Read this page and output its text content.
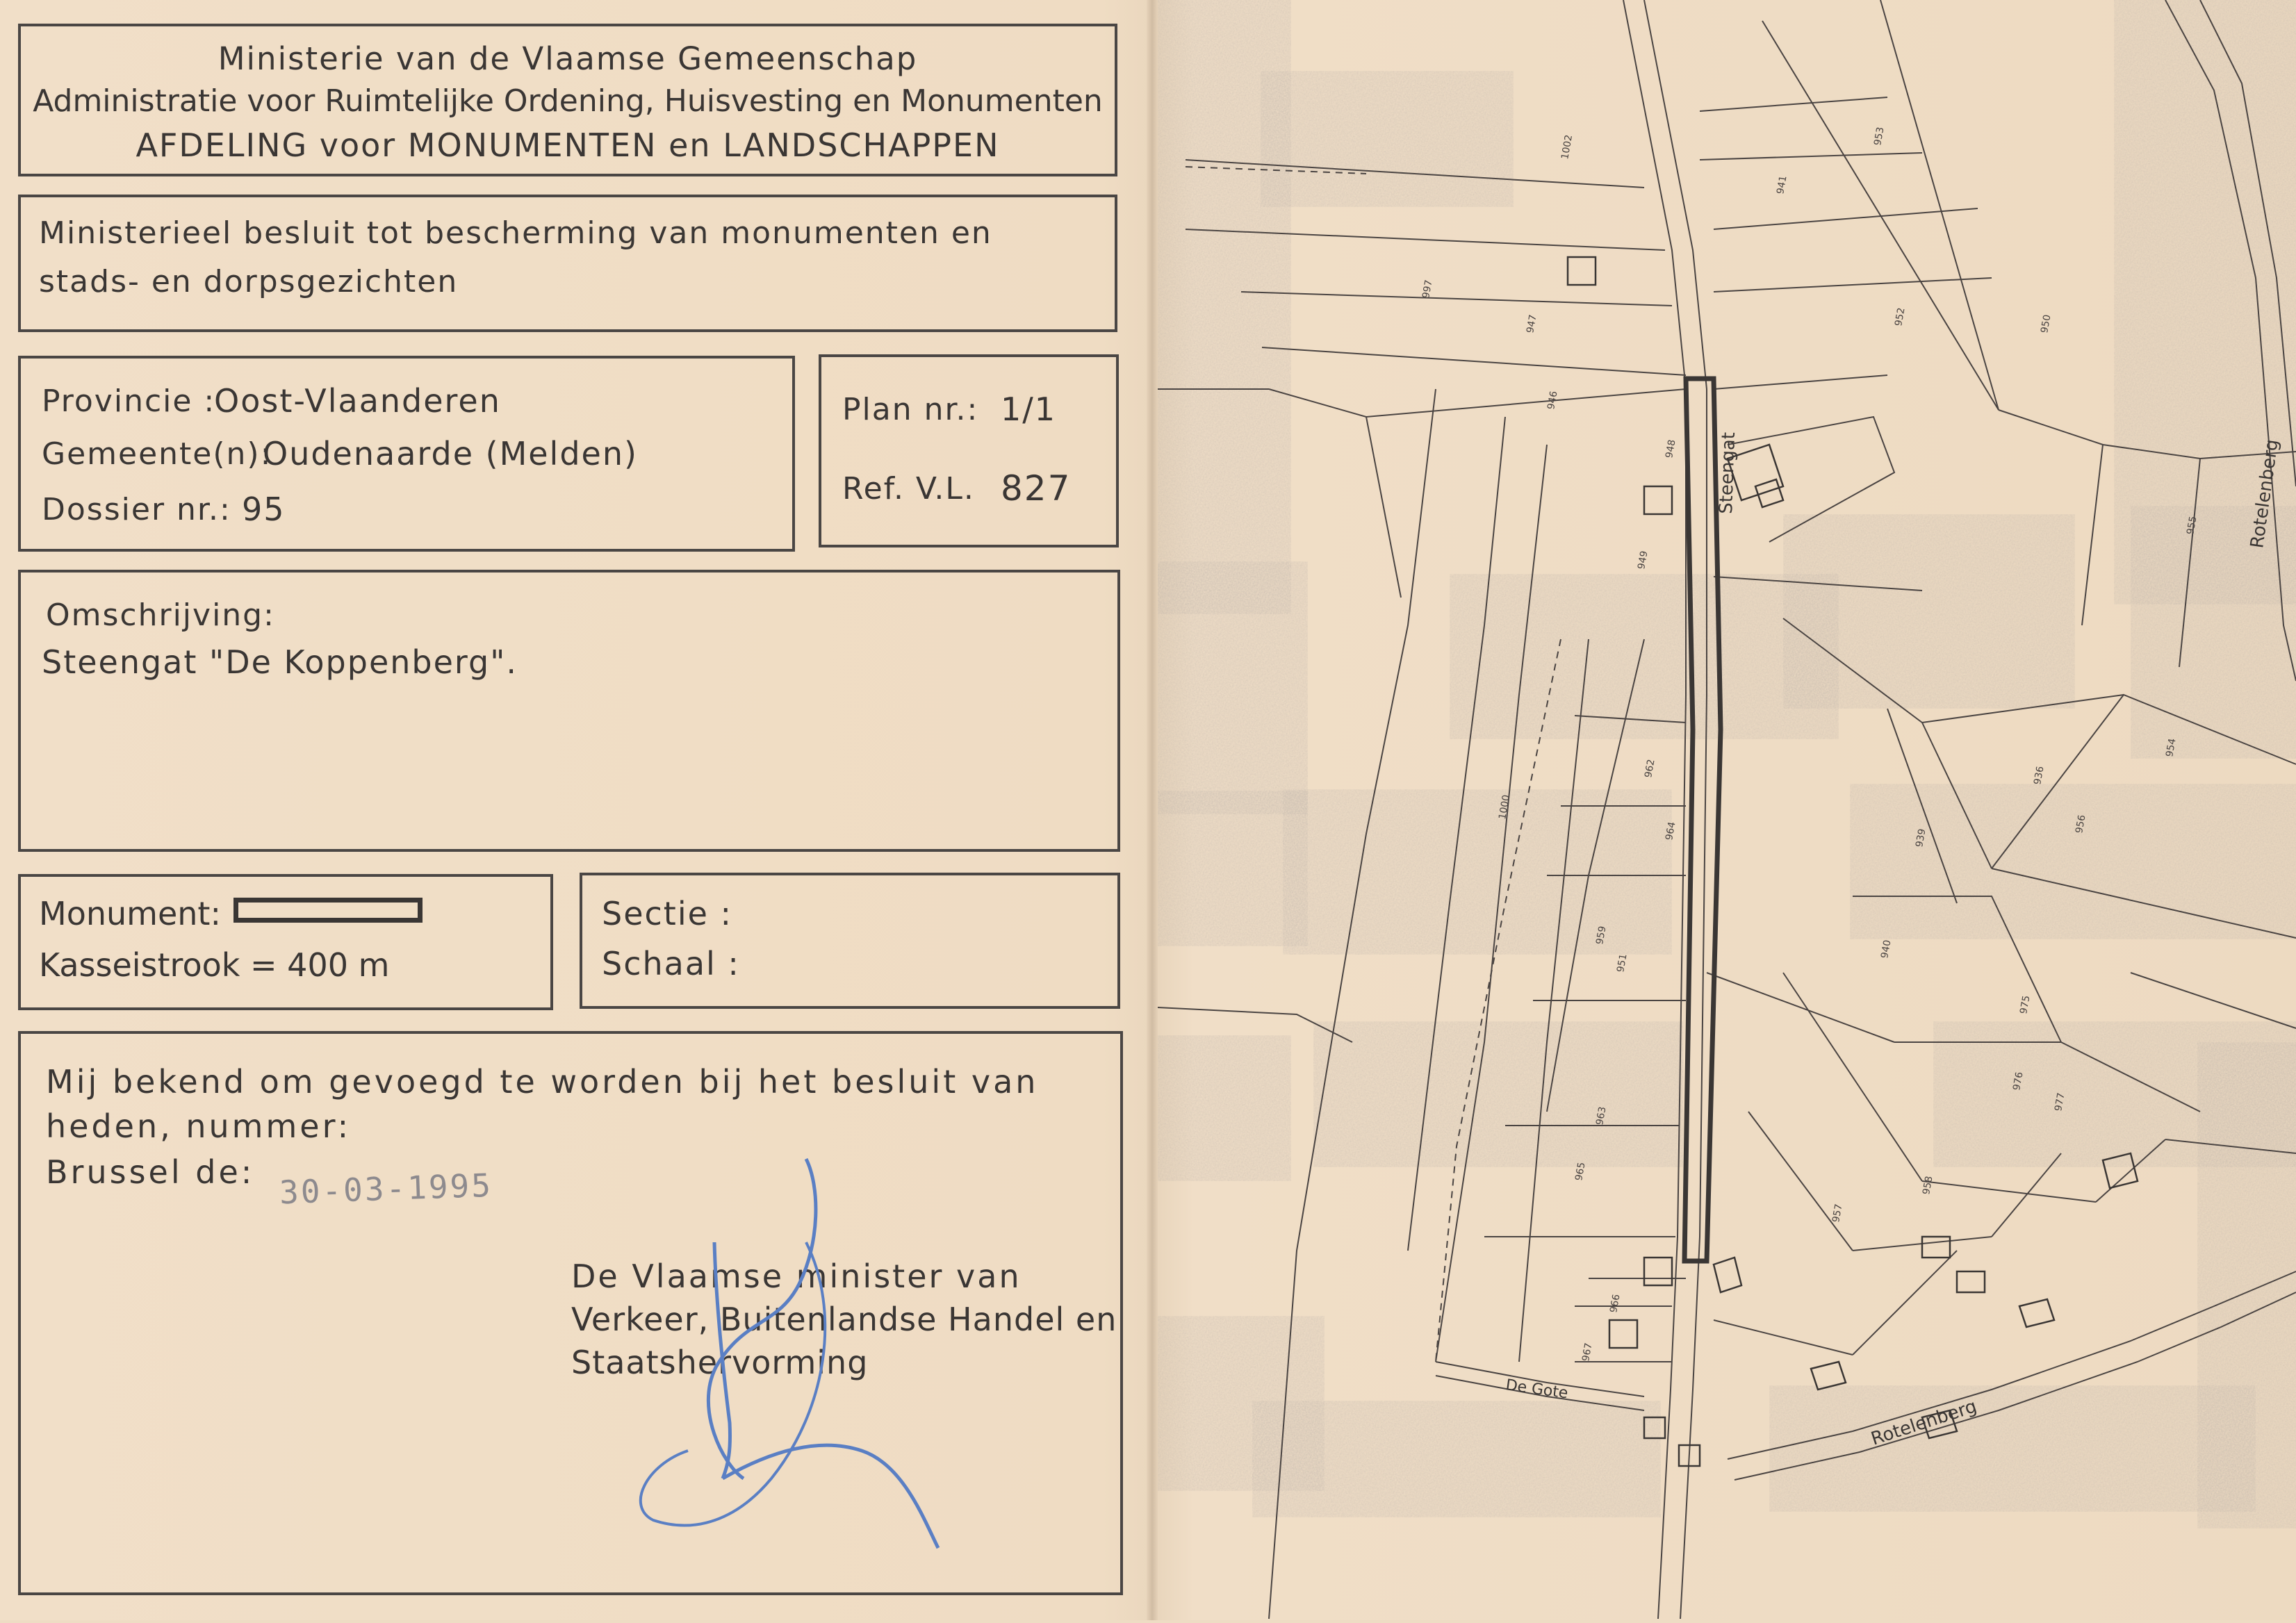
Ministerie van de Vlaamse Gemeenschap
Administratie voor Ruimtelijke Ordening, Huisvesting en Monumenten
AFDELING voor MONUMENTEN en LANDSCHAPPEN
Ministerieel besluit tot bescherming van monumenten en
stads- en dorpsgezichten
Provincie :
Oost-Vlaanderen
Gemeente(n):
Oudenaarde (Melden)
Dossier nr.: 95
Plan nr.: 1/1
Ref. V.L. 827
Omschrijving:
Steengat "De Koppenberg".
Monument:
Kasseistrook = 400 m
Sectie :
Schaal :
Mij bekend om gevoegd te worden bij het besluit van
heden, nummer:
Brussel de: 30-03-1995
De Vlaamse minister van
Verkeer, Buitenlandse Handel en
Staatshervorming
Steengat	Rotelenberg
Rotelenberg
De Gote
997
1002
1000
947
946
948
949
941
953
952	950
955
954
956
936
939
940
975
976
977
958
957
959
951
962
963
965
964
966
967
